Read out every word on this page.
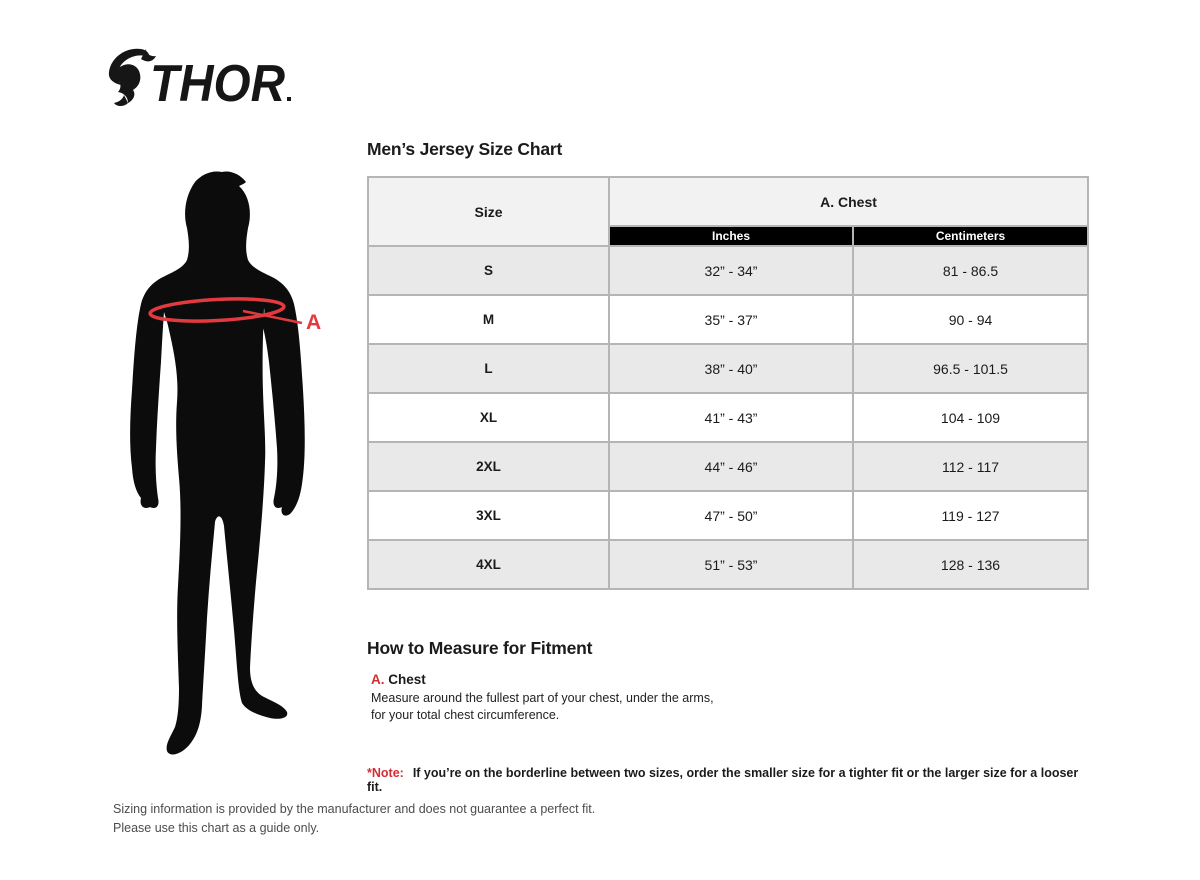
THOR
A
Men’s Jersey Size Chart
Size	A. Chest	
	Inches	Centimeters
S	32” - 34”	81 - 86.5
M	35” - 37”	90 - 94
L	38” - 40”	96.5 - 101.5
XL	41” - 43”	104 - 109
2XL	44” - 46”	112 - 117
3XL	47” - 50”	119 - 127
4XL	51” - 53”	128 - 136
How to Measure for Fitment
A. Chest

Measure around the fullest part of your chest, under the arms, for your total chest circumference.

*Note: If you’re on the borderline between two sizes, order the smaller size for a tighter fit or the larger size for a looser fit.
Sizing information is provided by the manufacturer and does not guarantee a perfect fit.
Please use this chart as a guide only.
